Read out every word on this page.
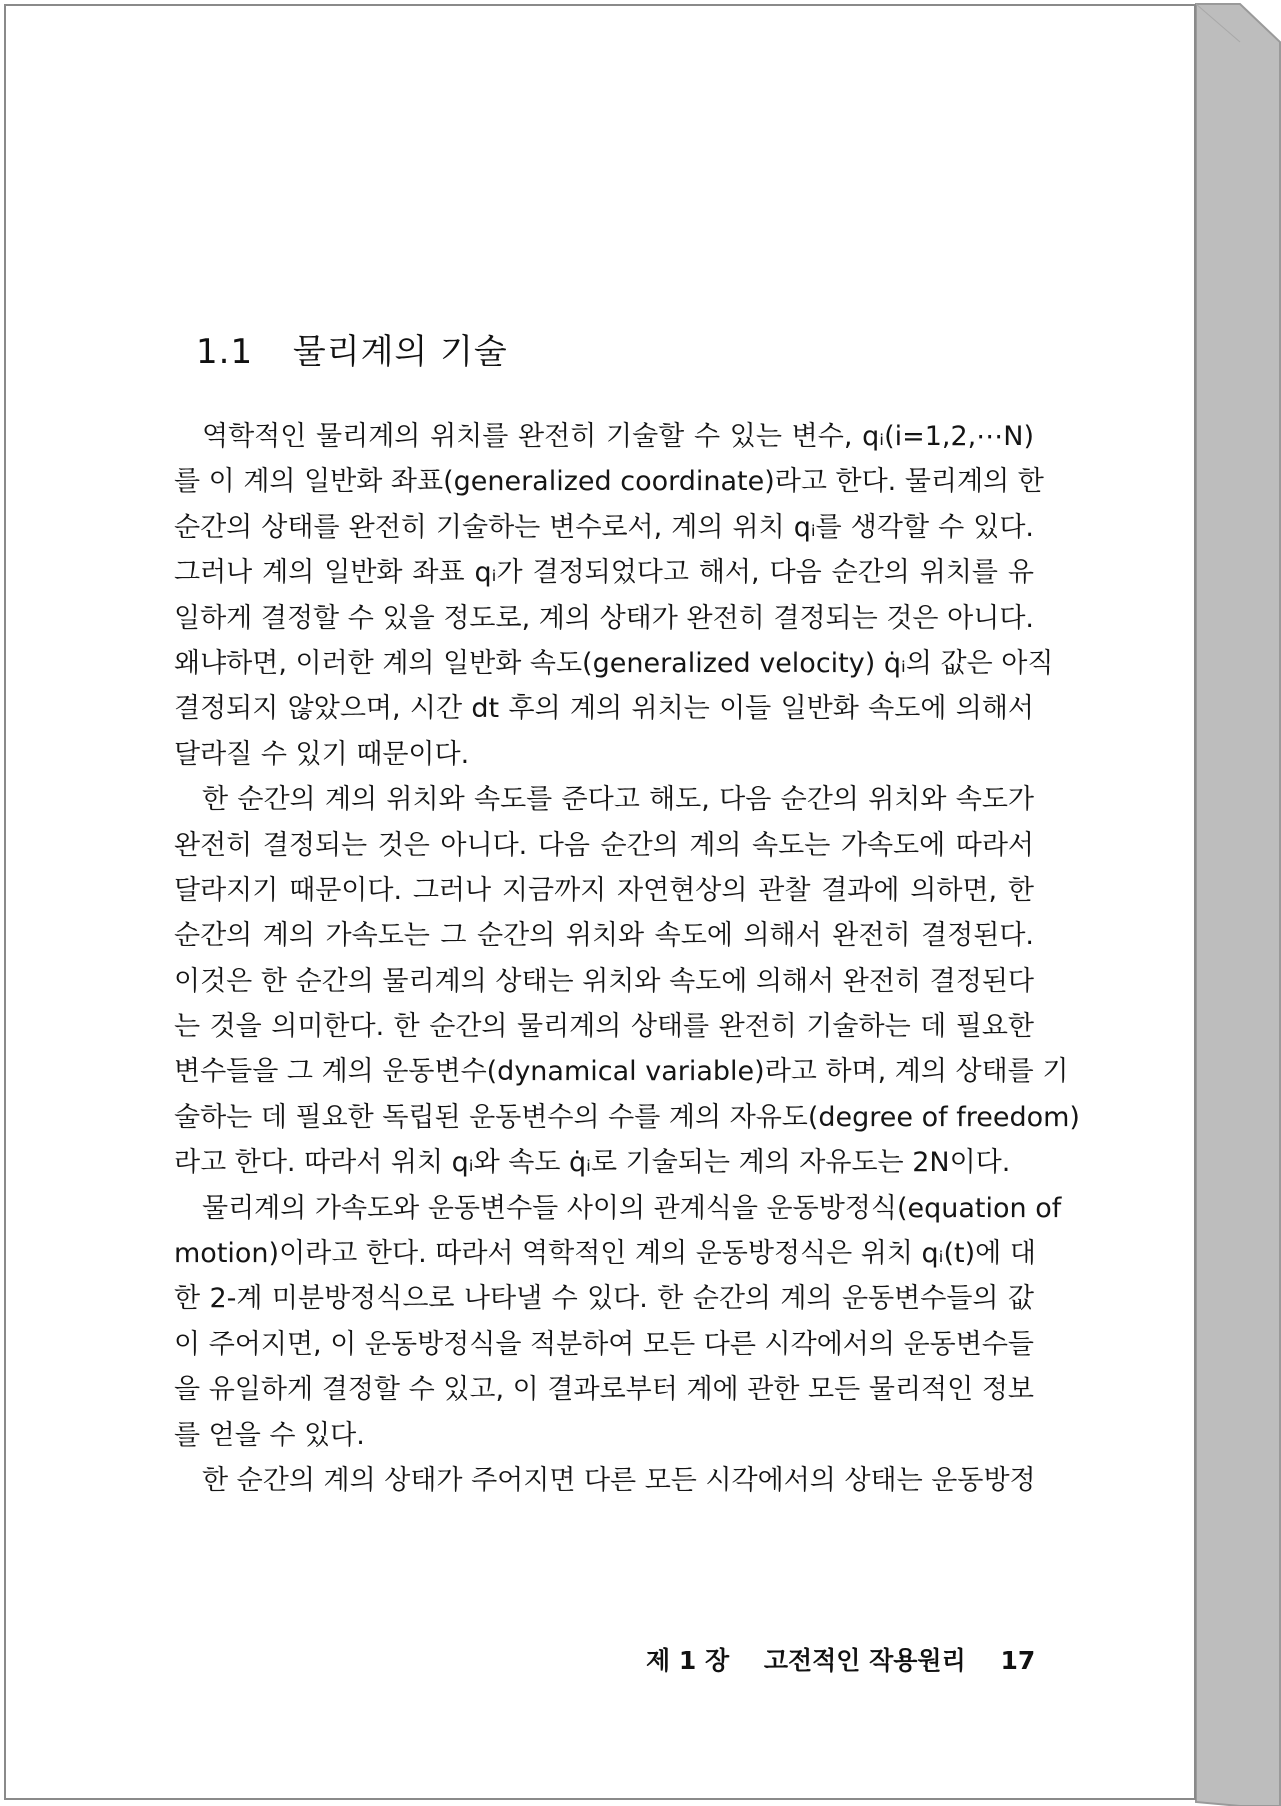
1.1 물리계의 기술
역학적인 물리계의 위치를 완전히 기술할 수 있는 변수, qᵢ(i=1,2,⋯N)
를 이 계의 일반화 좌표(generalized coordinate)라고 한다. 물리계의 한
순간의 상태를 완전히 기술하는 변수로서, 계의 위치 qᵢ를 생각할 수 있다.
그러나 계의 일반화 좌표 qᵢ가 결정되었다고 해서, 다음 순간의 위치를 유
일하게 결정할 수 있을 정도로, 계의 상태가 완전히 결정되는 것은 아니다.
왜냐하면, 이러한 계의 일반화 속도(generalized velocity) q̇ᵢ의 값은 아직
결정되지 않았으며, 시간 dt 후의 계의 위치는 이들 일반화 속도에 의해서
달라질 수 있기 때문이다.
한 순간의 계의 위치와 속도를 준다고 해도, 다음 순간의 위치와 속도가
완전히 결정되는 것은 아니다. 다음 순간의 계의 속도는 가속도에 따라서
달라지기 때문이다. 그러나 지금까지 자연현상의 관찰 결과에 의하면, 한
순간의 계의 가속도는 그 순간의 위치와 속도에 의해서 완전히 결정된다.
이것은 한 순간의 물리계의 상태는 위치와 속도에 의해서 완전히 결정된다
는 것을 의미한다. 한 순간의 물리계의 상태를 완전히 기술하는 데 필요한
변수들을 그 계의 운동변수(dynamical variable)라고 하며, 계의 상태를 기
술하는 데 필요한 독립된 운동변수의 수를 계의 자유도(degree of freedom)
라고 한다. 따라서 위치 qᵢ와 속도 q̇ᵢ로 기술되는 계의 자유도는 2N이다.
물리계의 가속도와 운동변수들 사이의 관계식을 운동방정식(equation of
motion)이라고 한다. 따라서 역학적인 계의 운동방정식은 위치 qᵢ(t)에 대
한 2-계 미분방정식으로 나타낼 수 있다. 한 순간의 계의 운동변수들의 값
이 주어지면, 이 운동방정식을 적분하여 모든 다른 시각에서의 운동변수들
을 유일하게 결정할 수 있고, 이 결과로부터 계에 관한 모든 물리적인 정보
를 얻을 수 있다.
한 순간의 계의 상태가 주어지면 다른 모든 시각에서의 상태는 운동방정
제 1 장 고전적인 작용원리 17
